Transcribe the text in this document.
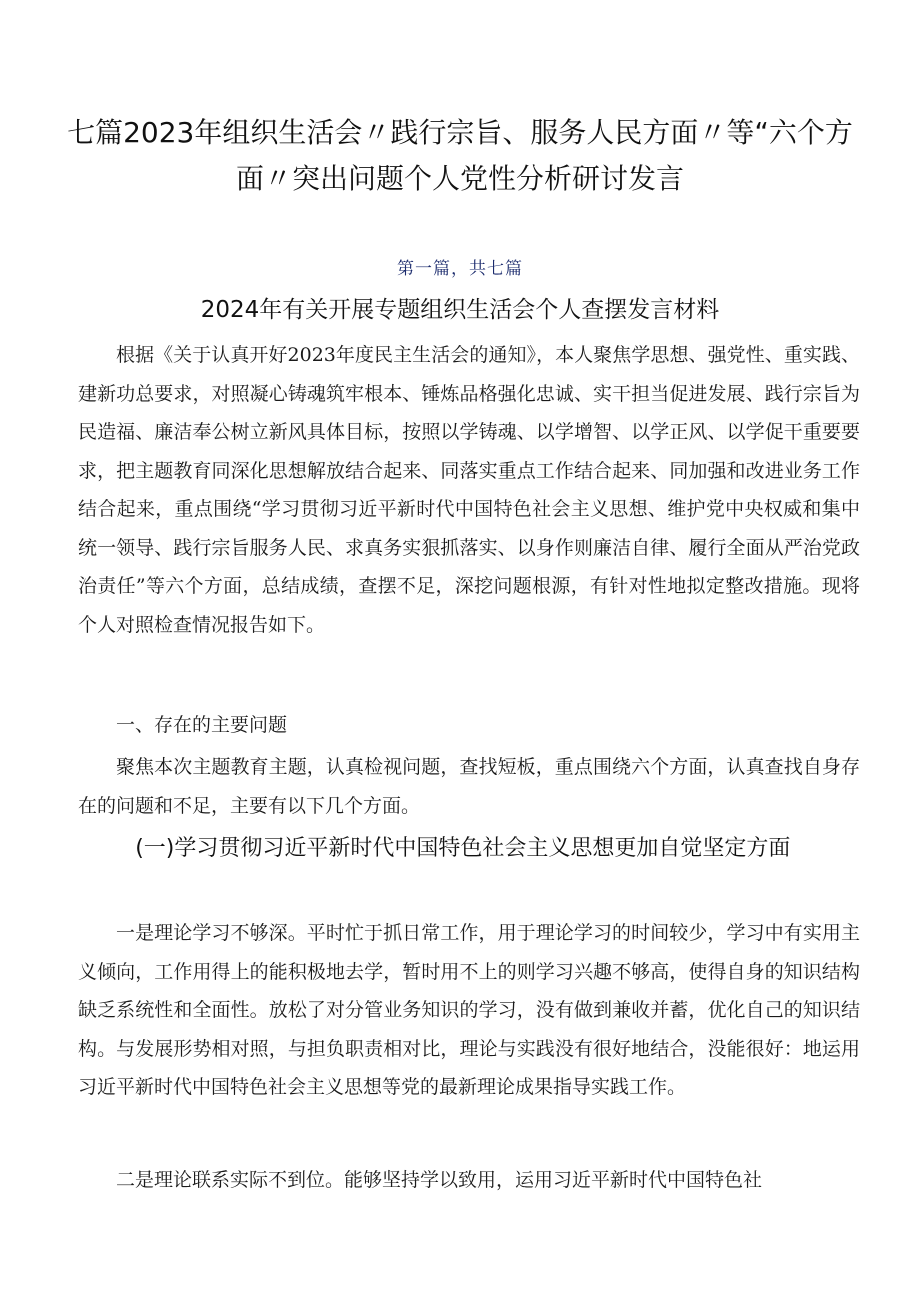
七篇2023年组织生活会〃践行宗旨、服务人民方面〃等“六个方面〃突出问题个人党性分析研讨发言
第一篇，共七篇
2024年有关开展专题组织生活会个人查摆发言材料

根据《关于认真开好2023年度民主生活会的通知》，本人聚焦学思想、强党性、重实践、建新功总要求，对照凝心铸魂筑牢根本、锤炼品格强化忠诚、实干担当促进发展、践行宗旨为民造福、廉洁奉公树立新风具体目标，按照以学铸魂、以学增智、以学正风、以学促干重要要求，把主题教育同深化思想解放结合起来、同落实重点工作结合起来、同加强和改进业务工作结合起来，重点围绕“学习贯彻习近平新时代中国特色社会主义思想、维护党中央权威和集中统一领导、践行宗旨服务人民、求真务实狠抓落实、以身作则廉洁自律、履行全面从严治党政治责任”等六个方面，总结成绩，查摆不足，深挖问题根源，有针对性地拟定整改措施。现将个人对照检查情况报告如下。

一、存在的主要问题

聚焦本次主题教育主题，认真检视问题，查找短板，重点围绕六个方面，认真查找自身存在的问题和不足，主要有以下几个方面。

(一)学习贯彻习近平新时代中国特色社会主义思想更加自觉坚定方面

一是理论学习不够深。平时忙于抓日常工作，用于理论学习的时间较少，学习中有实用主义倾向，工作用得上的能积极地去学，暂时用不上的则学习兴趣不够高，使得自身的知识结构缺乏系统性和全面性。放松了对分管业务知识的学习，没有做到兼收并蓄，优化自己的知识结构。与发展形势相对照，与担负职责相对比，理论与实践没有很好地结合，没能很好：地运用习近平新时代中国特色社会主义思想等党的最新理论成果指导实践工作。

二是理论联系实际不到位。能够坚持学以致用，运用习近平新时代中国特色社
